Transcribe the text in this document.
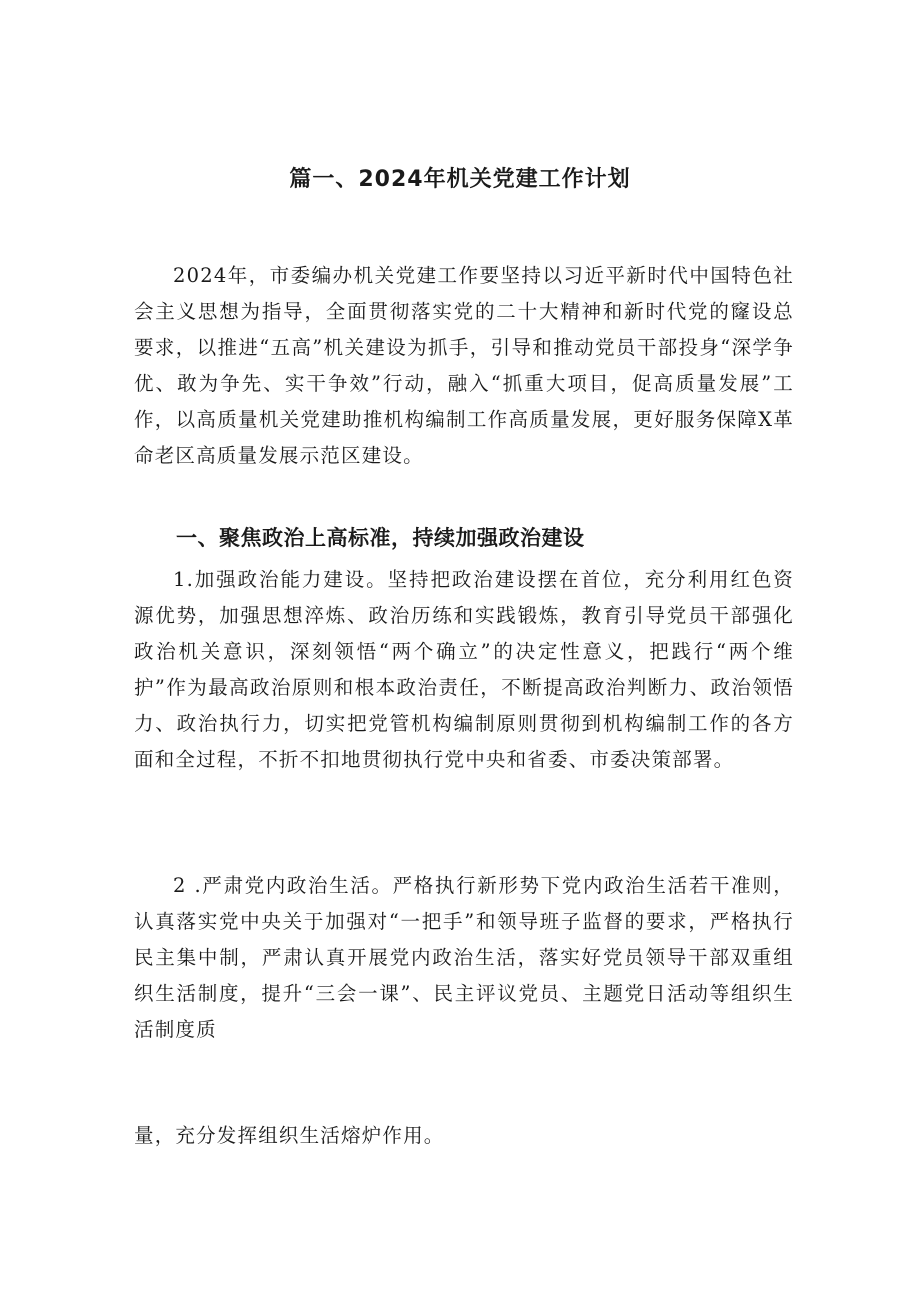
篇一、2024年机关党建工作计划

2024年，市委编办机关党建工作要坚持以习近平新时代中国特色社会主义思想为指导，全面贯彻落实党的二十大精神和新时代党的窿设总要求，以推进“五高”机关建设为抓手，引导和推动党员干部投身“深学争优、敢为争先、实干争效”行动，融入“抓重大项目，促高质量发展”工作，以高质量机关党建助推机构编制工作高质量发展，更好服务保障X革命老区高质量发展示范区建设。

一、聚焦政治上高标准，持续加强政治建设

1.加强政治能力建设。坚持把政治建设摆在首位，充分利用红色资源优势，加强思想淬炼、政治历练和实践锻炼，教育引导党员干部强化政治机关意识，深刻领悟“两个确立”的决定性意义，把践行“两个维护”作为最高政治原则和根本政治责任，不断提高政治判断力、政治领悟力、政治执行力，切实把党管机构编制原则贯彻到机构编制工作的各方面和全过程，不折不扣地贯彻执行党中央和省委、市委决策部署。

2 .严肃党内政治生活。严格执行新形势下党内政治生活若干准则，认真落实党中央关于加强对“一把手”和领导班子监督的要求，严格执行民主集中制，严肃认真开展党内政治生活，落实好党员领导干部双重组织生活制度，提升“三会一课”、民主评议党员、主题党日活动等组织生活制度质

量，充分发挥组织生活熔炉作用。
